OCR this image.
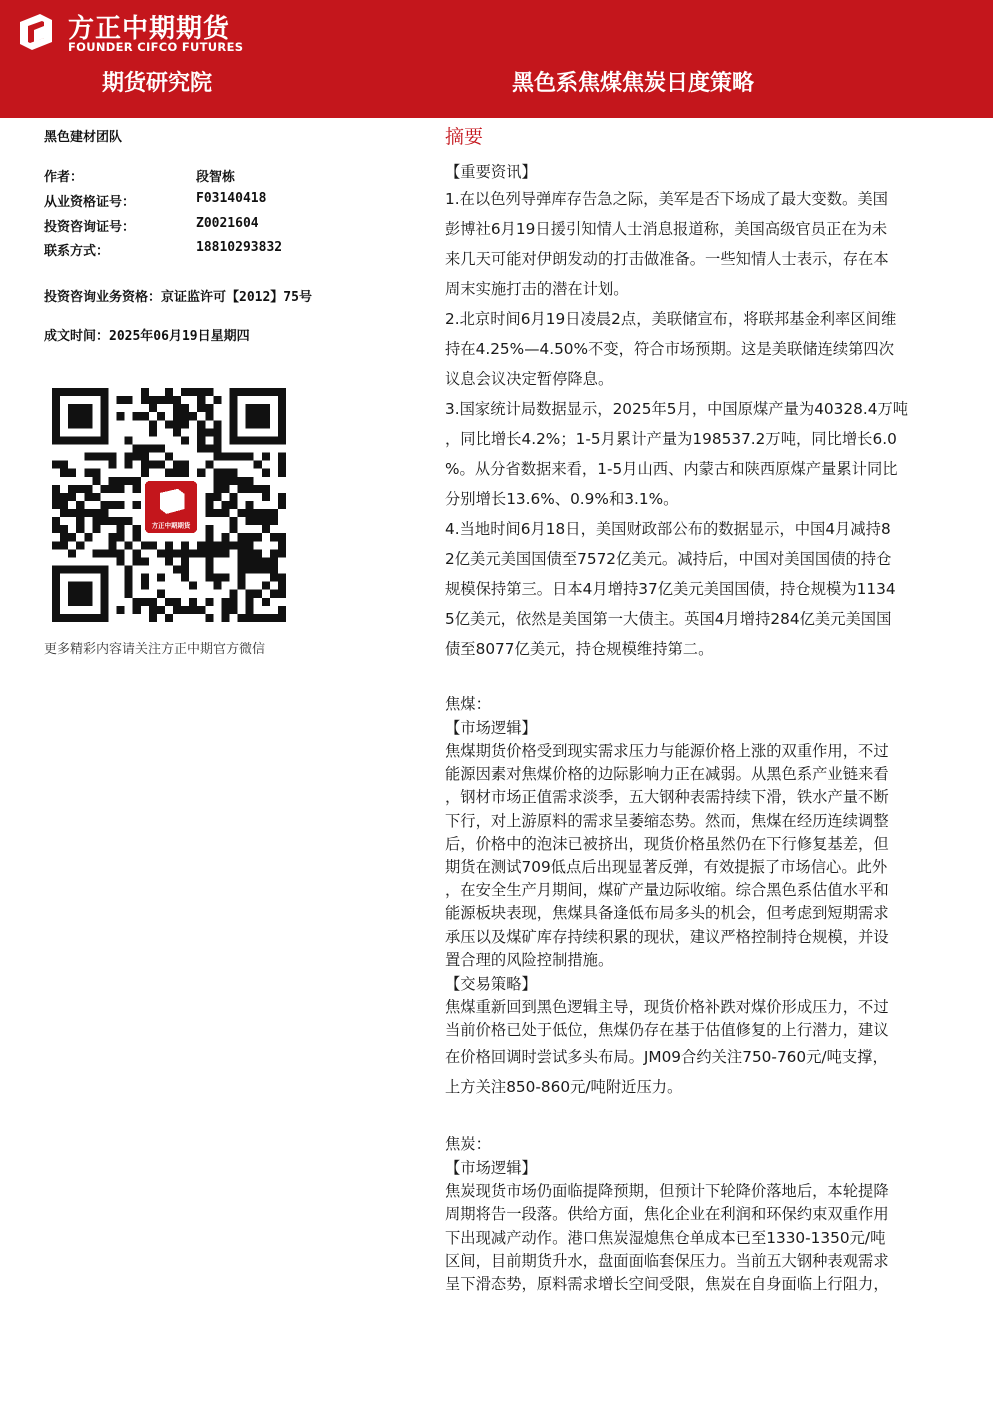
方正中期期货
FOUNDER CIFCO FUTURES
期货研究院	黑色系焦煤焦炭日度策略
黑色建材团队
作者：	段智栋
从业资格证号：	F03140418
投资咨询证号：	Z0021604
联系方式：	18810293832
投资咨询业务资格：京证监许可【2012】75号
成文时间：2025年06月19日星期四
更多精彩内容请关注方正中期官方微信
摘要
【重要资讯】
1.在以色列导弹库存告急之际，美军是否下场成了最大变数。美国
彭博社6月19日援引知情人士消息报道称，美国高级官员正在为未
来几天可能对伊朗发动的打击做准备。一些知情人士表示，存在本
周末实施打击的潜在计划。
2.北京时间6月19日凌晨2点，美联储宣布，将联邦基金利率区间维
持在4.25%—4.50%不变，符合市场预期。这是美联储连续第四次
议息会议决定暂停降息。
3.国家统计局数据显示，2025年5月，中国原煤产量为40328.4万吨
，同比增长4.2%；1-5月累计产量为198537.2万吨，同比增长6.0
%。从分省数据来看，1-5月山西、内蒙古和陕西原煤产量累计同比
分别增长13.6%、0.9%和3.1%。
4.当地时间6月18日，美国财政部公布的数据显示，中国4月减持8
2亿美元美国国债至7572亿美元。减持后，中国对美国国债的持仓
规模保持第三。日本4月增持37亿美元美国国债，持仓规模为1134
5亿美元，依然是美国第一大债主。英国4月增持284亿美元美国国
债至8077亿美元，持仓规模维持第二。
焦煤：
【市场逻辑】
焦煤期货价格受到现实需求压力与能源价格上涨的双重作用，不过
能源因素对焦煤价格的边际影响力正在减弱。从黑色系产业链来看
，钢材市场正值需求淡季，五大钢种表需持续下滑，铁水产量不断
下行，对上游原料的需求呈萎缩态势。然而，焦煤在经历连续调整
后，价格中的泡沫已被挤出，现货价格虽然仍在下行修复基差，但
期货在测试709低点后出现显著反弹，有效提振了市场信心。此外
，在安全生产月期间，煤矿产量边际收缩。综合黑色系估值水平和
能源板块表现，焦煤具备逢低布局多头的机会，但考虑到短期需求
承压以及煤矿库存持续积累的现状，建议严格控制持仓规模，并设
置合理的风险控制措施。
【交易策略】
焦煤重新回到黑色逻辑主导，现货价格补跌对煤价形成压力，不过
当前价格已处于低位，焦煤仍存在基于估值修复的上行潜力，建议
在价格回调时尝试多头布局。JM09合约关注750-760元/吨支撑，
上方关注850-860元/吨附近压力。
焦炭：
【市场逻辑】
焦炭现货市场仍面临提降预期，但预计下轮降价落地后，本轮提降
周期将告一段落。供给方面，焦化企业在利润和环保约束双重作用
下出现减产动作。港口焦炭湿熄焦仓单成本已至1330-1350元/吨
区间，目前期货升水，盘面面临套保压力。当前五大钢种表观需求
呈下滑态势，原料需求增长空间受限，焦炭在自身面临上行阻力，
